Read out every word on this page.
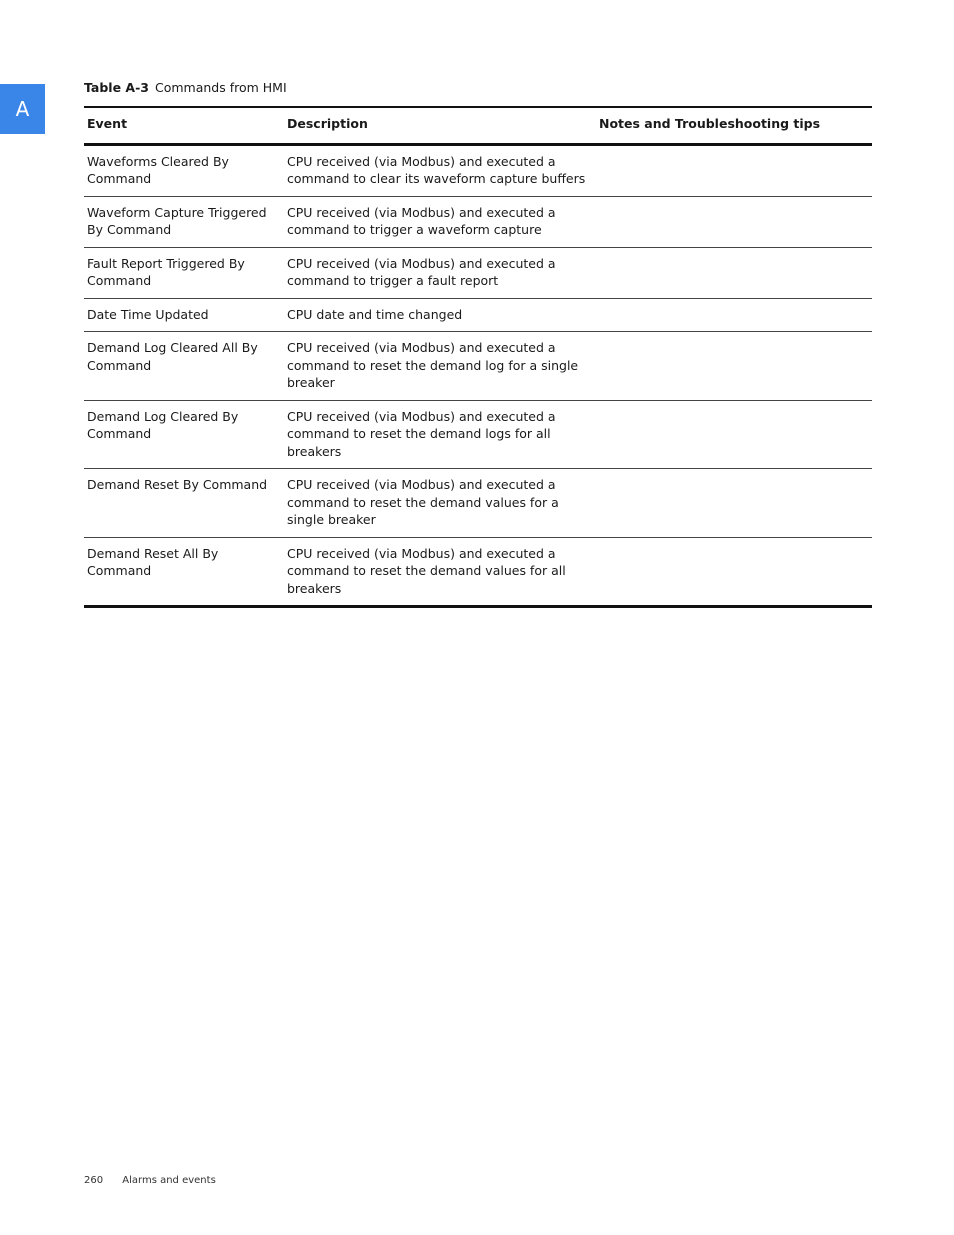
A
Table A-3 Commands from HMI
Event	Description	Notes and Troubleshooting tips
Waveforms Cleared By Command	CPU received (via Modbus) and executed a command to clear its waveform capture buffers	
Waveform Capture Triggered By Command	CPU received (via Modbus) and executed a command to trigger a waveform capture	
Fault Report Triggered By Command	CPU received (via Modbus) and executed a command to trigger a fault report	
Date Time Updated	CPU date and time changed	
Demand Log Cleared All By Command	CPU received (via Modbus) and executed a command to reset the demand log for a single breaker	
Demand Log Cleared By Command	CPU received (via Modbus) and executed a command to reset the demand logs for all breakers	
Demand Reset By Command	CPU received (via Modbus) and executed a command to reset the demand values for a single breaker	
Demand Reset All By Command	CPU received (via Modbus) and executed a command to reset the demand values for all breakers	
260 Alarms and events
